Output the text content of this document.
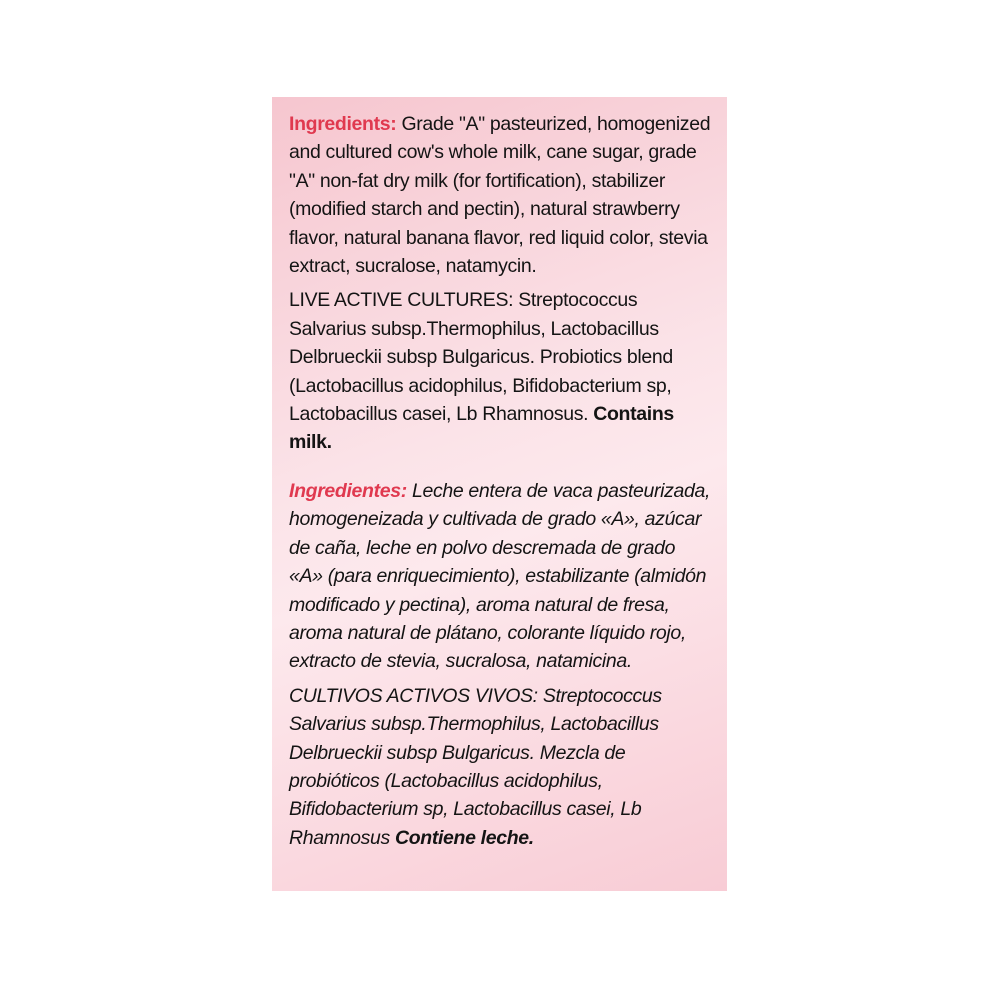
Ingredients: Grade "A" pasteurized, homogenized and cultured cow's whole milk, cane sugar, grade "A" non-fat dry milk (for fortification), stabilizer (modified starch and pectin), natural strawberry flavor, natural banana flavor, red liquid color, stevia extract, sucralose, natamycin.

LIVE ACTIVE CULTURES: Streptococcus Salvarius subsp.Thermophilus, Lactobacillus Delbrueckii subsp Bulgaricus. Probiotics blend (Lactobacillus acidophilus, Bifidobacterium sp, Lactobacillus casei, Lb Rhamnosus. Contains milk.

Ingredientes: Leche entera de vaca pasteurizada, homogeneizada y cultivada de grado «A», azúcar de caña, leche en polvo descremada de grado «A» (para enriquecimiento), estabilizante (almidón modificado y pectina), aroma natural de fresa, aroma natural de plátano, colorante líquido rojo, extracto de stevia, sucralosa, natamicina.

CULTIVOS ACTIVOS VIVOS: Streptococcus Salvarius subsp.Thermophilus, Lactobacillus Delbrueckii subsp Bulgaricus. Mezcla de probióticos (Lactobacillus acidophilus, Bifidobacterium sp, Lactobacillus casei, Lb Rhamnosus Contiene leche.
